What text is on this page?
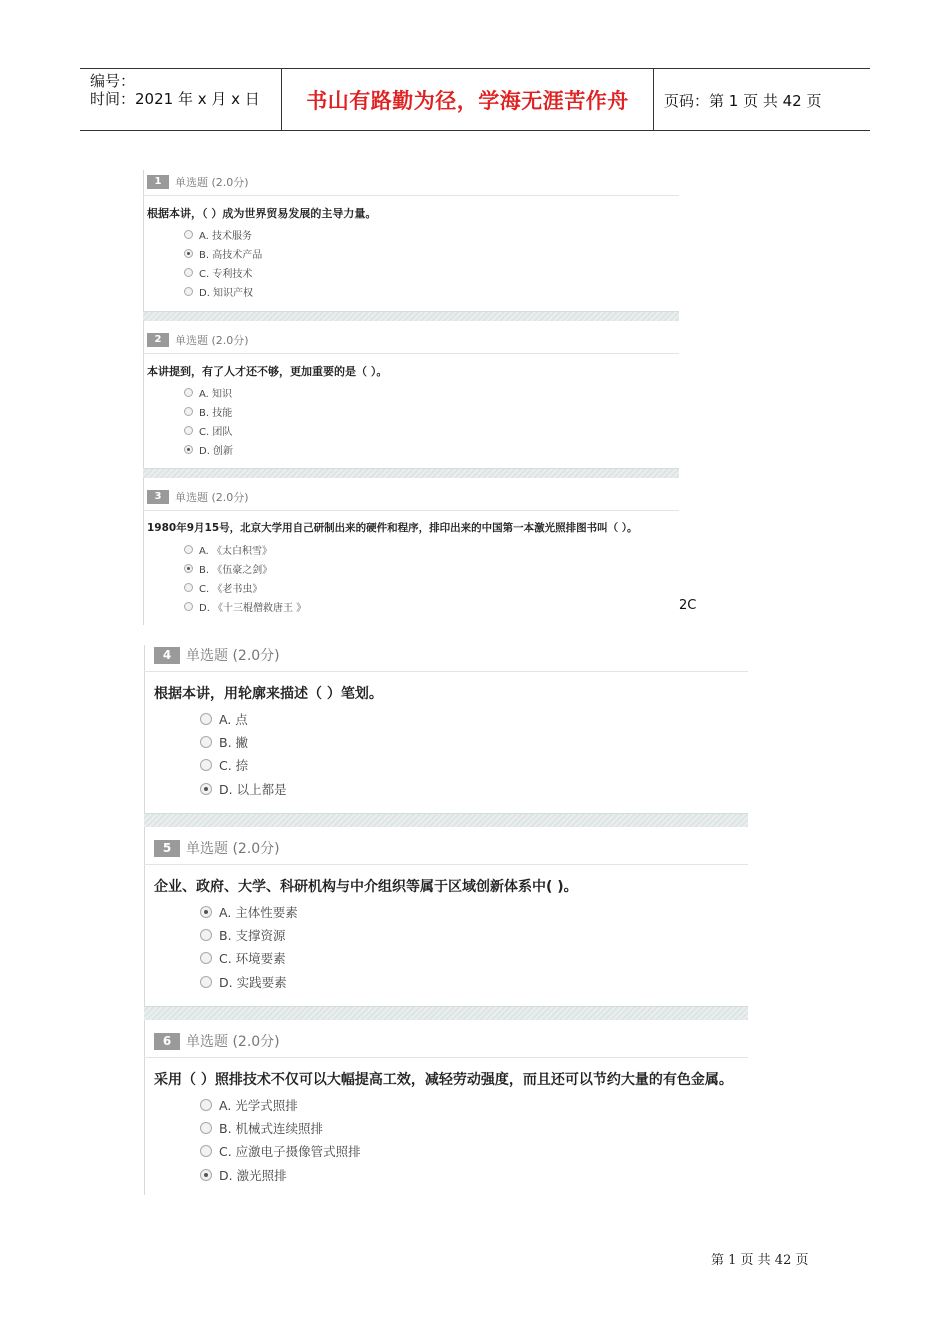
编号：
时间：2021 年 x 月 x 日	书山有路勤为径，学海无涯苦作舟	页码：第 1 页 共 42 页
1	单选题 (2.0分)
根据本讲，（ ）成为世界贸易发展的主导力量。
A. 技术服务
B. 高技术产品
C. 专利技术
D. 知识产权
2	单选题 (2.0分)
本讲提到，有了人才还不够，更加重要的是（ ）。
A. 知识
B. 技能
C. 团队
D. 创新
3	单选题 (2.0分)
1980年9月15号，北京大学用自己研制出来的硬件和程序，排印出来的中国第一本激光照排图书叫（ ）。
A. 《太白积雪》
B. 《伍豪之剑》
C. 《老书虫》
D. 《十三棍僧救唐王 》	2C
4	单选题 (2.0分)
根据本讲，用轮廓来描述（ ）笔划。
A. 点
B. 撇
C. 捺
D. 以上都是
5	单选题 (2.0分)
企业、政府、大学、科研机构与中介组织等属于区域创新体系中( )。
A. 主体性要素
B. 支撑资源
C. 环境要素
D. 实践要素
6	单选题 (2.0分)
采用（ ）照排技术不仅可以大幅提高工效，减轻劳动强度，而且还可以节约大量的有色金属。
A. 光学式照排
B. 机械式连续照排
C. 应激电子摄像管式照排
D. 激光照排
第 1 页 共 42 页
